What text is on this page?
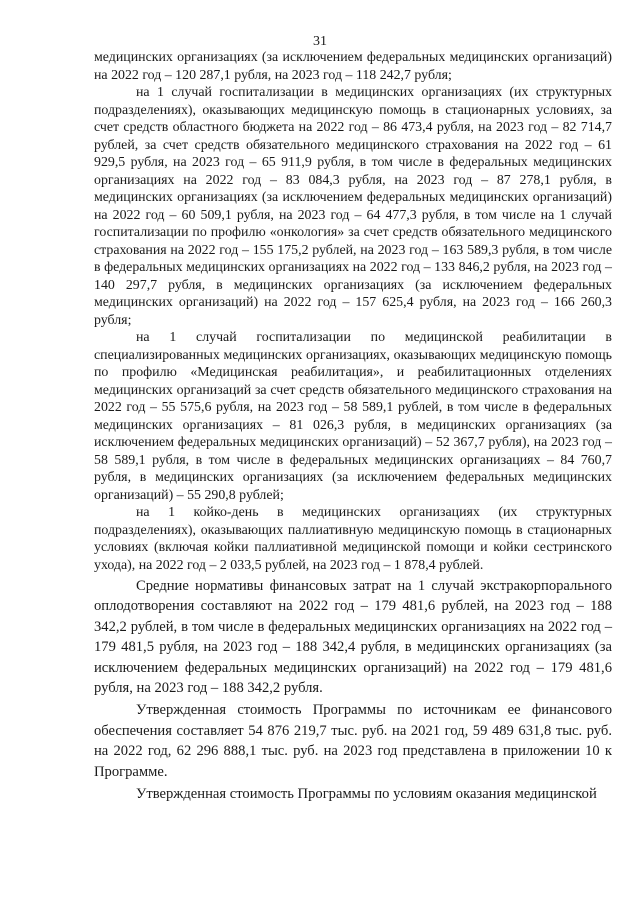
31

медицинских организациях (за исключением федеральных медицинских организаций) на 2022 год – 120 287,1 рубля, на 2023 год – 118 242,7 рубля;

на 1 случай госпитализации в медицинских организациях (их структурных подразделениях), оказывающих медицинскую помощь в стационарных условиях, за счет средств областного бюджета на 2022 год – 86 473,4 рубля, на 2023 год – 82 714,7 рублей, за счет средств обязательного медицинского страхования на 2022 год – 61 929,5 рубля, на 2023 год – 65 911,9 рубля, в том числе в федеральных медицинских организациях на 2022 год – 83 084,3 рубля, на 2023 год – 87 278,1 рубля, в медицинских организациях (за исключением федеральных медицинских организаций) на 2022 год – 60 509,1 рубля, на 2023 год – 64 477,3 рубля, в том числе на 1 случай госпитализации по профилю «онкология» за счет средств обязательного медицинского страхования на 2022 год – 155 175,2 рублей, на 2023 год – 163 589,3 рубля, в том числе в федеральных медицинских организациях на 2022 год – 133 846,2 рубля, на 2023 год – 140 297,7 рубля, в медицинских организациях (за исключением федеральных медицинских организаций) на 2022 год – 157 625,4 рубля, на 2023 год – 166 260,3 рубля;

на 1 случай госпитализации по медицинской реабилитации в специализированных медицинских организациях, оказывающих медицинскую помощь по профилю «Медицинская реабилитация», и реабилитационных отделениях медицинских организаций за счет средств обязательного медицинского страхования на 2022 год – 55 575,6 рубля, на 2023 год – 58 589,1 рублей, в том числе в федеральных медицинских организациях – 81 026,3 рубля, в медицинских организациях (за исключением федеральных медицинских организаций) – 52 367,7 рубля), на 2023 год – 58 589,1 рубля, в том числе в федеральных медицинских организациях – 84 760,7 рубля, в медицинских организациях (за исключением федеральных медицинских организаций) – 55 290,8 рублей;

на 1 койко-день в медицинских организациях (их структурных подразделениях), оказывающих паллиативную медицинскую помощь в стационарных условиях (включая койки паллиативной медицинской помощи и койки сестринского ухода), на 2022 год – 2 033,5 рублей, на 2023 год – 1 878,4 рублей.

Средние нормативы финансовых затрат на 1 случай экстракорпорального оплодотворения составляют на 2022 год – 179 481,6 рублей, на 2023 год – 188 342,2 рублей, в том числе в федеральных медицинских организациях на 2022 год – 179 481,5 рубля, на 2023 год – 188 342,4 рубля, в медицинских организациях (за исключением федеральных медицинских организаций) на 2022 год – 179 481,6 рубля, на 2023 год – 188 342,2 рубля.

Утвержденная стоимость Программы по источникам ее финансового обеспечения составляет 54 876 219,7 тыс. руб. на 2021 год, 59 489 631,8 тыс. руб. на 2022 год, 62 296 888,1 тыс. руб. на 2023 год представлена в приложении 10 к Программе.

Утвержденная стоимость Программы по условиям оказания медицинской
